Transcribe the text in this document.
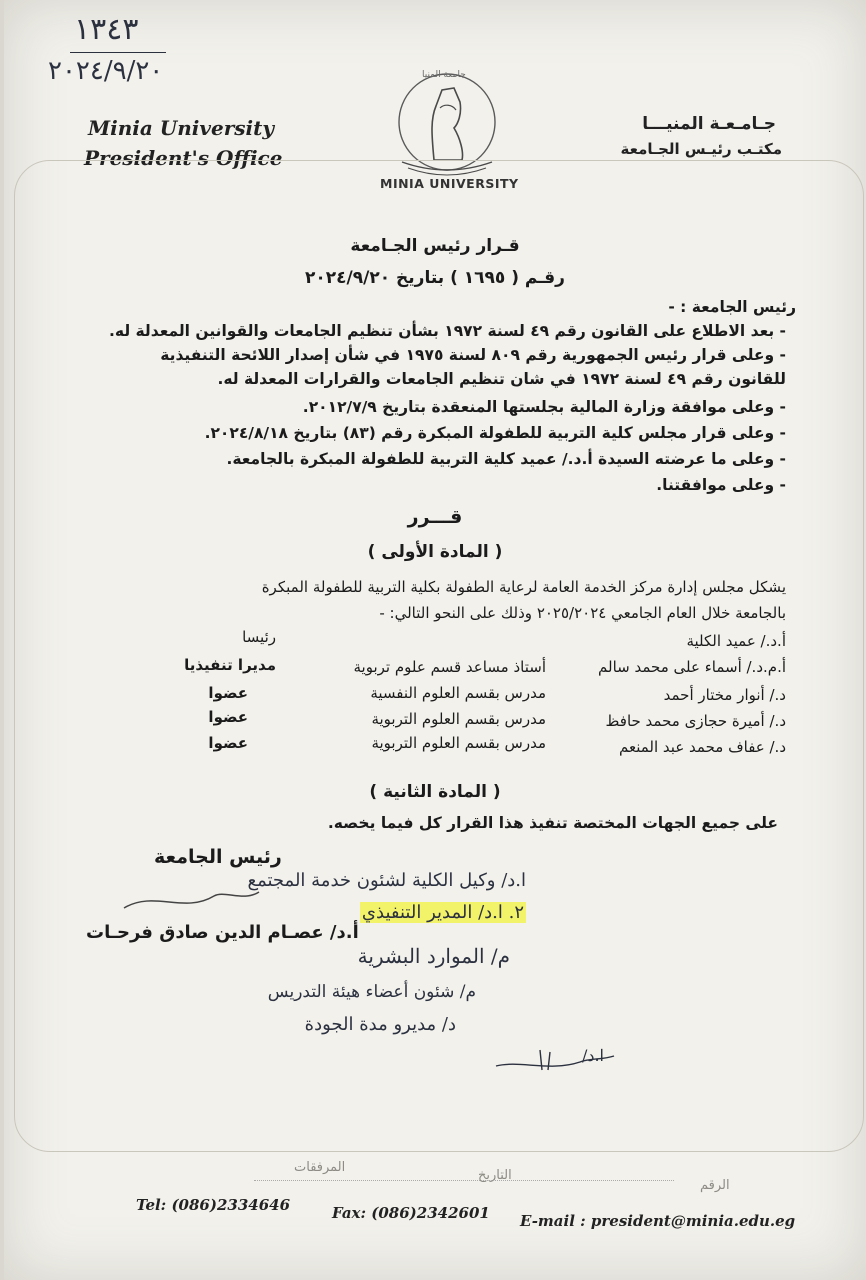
١٣٤٣
٢٠٢٤/٩/٢٠
Minia University
President's Office
جـامـعـة المنيـــا
مكتـب رئيـس الجـامعة
جامعة المنيا
MINIA UNIVERSITY
قـرار رئيس الجـامعة
رقـم ( ١٦٩٥ ) بتاريخ ٢٠٢٤/٩/٢٠
رئيس الجامعة : -
- بعد الاطلاع على القانون رقم ٤٩ لسنة ١٩٧٢ بشأن تنظيم الجامعات والقوانين المعدلة له.
- وعلى قرار رئيس الجمهورية رقم ٨٠٩ لسنة ١٩٧٥ في شأن إصدار اللائحة التنفيذية
للقانون رقم ٤٩ لسنة ١٩٧٢ في شان تنظيم الجامعات والقرارات المعدلة له.
- وعلى موافقة وزارة المالية بجلستها المنعقدة بتاريخ ٢٠١٢/٧/٩.
- وعلى قرار مجلس كلية التربية للطفولة المبكرة رقم (٨٣) بتاريخ ٢٠٢٤/٨/١٨.
- وعلى ما عرضته السيدة أ.د./ عميد كلية التربية للطفولة المبكرة بالجامعة.
- وعلى موافقتنا.
قـــرر
( المادة الأولى )
يشكل مجلس إدارة مركز الخدمة العامة لرعاية الطفولة بكلية التربية للطفولة المبكرة
بالجامعة خلال العام الجامعي ٢٠٢٥/٢٠٢٤ وذلك على النحو التالي: -
أ.د./ عميد الكلية
رئيسا
أ.م.د./ أسماء على محمد سالم
أستاذ مساعد قسم علوم تربوية
مديرا تنفيذيا
د./ أنوار مختار أحمد
مدرس بقسم العلوم النفسية
عضوا
د./ أميرة حجازى محمد حافظ
مدرس بقسم العلوم التربوية
عضوا
د./ عفاف محمد عبد المنعم
مدرس بقسم العلوم التربوية
عضوا
( المادة الثانية )
على جميع الجهات المختصة تنفيذ هذا القرار كل فيما يخصه.
رئيس الجامعة
أ.د/ عصـام الدين صادق فرحـات
ا.د/ وكيل الكلية لشئون خدمة المجتمع
٢. ا.د/ المدير التنفيذي
م/ الموارد البشرية
م/ شئون أعضاء هيئة التدريس
د/ مديرو مدة الجودة
ا.د/
الرقم
التاريخ
المرفقات
Tel: (086)2334646	Fax: (086)2342601 E-mail : president@minia.edu.eg
